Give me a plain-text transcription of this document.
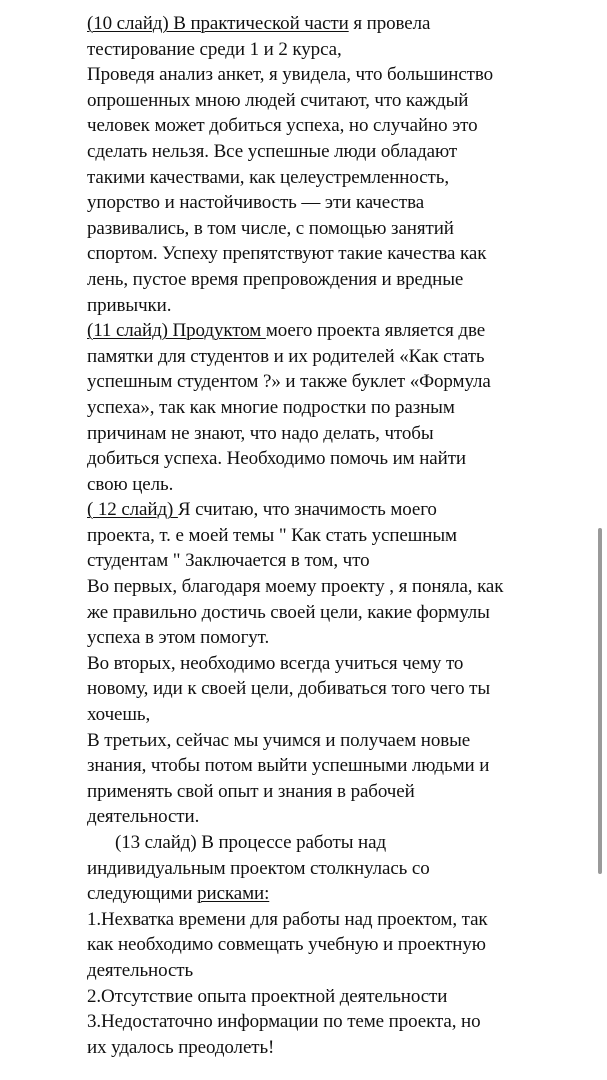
(10 слайд) В практической части я провела
тестирование среди 1 и 2 курса,
Проведя анализ анкет, я увидела, что большинство
опрошенных мною людей считают, что каждый
человек может добиться успеха, но случайно это
сделать нельзя. Все успешные люди обладают
такими качествами, как целеустремленность,
упорство и настойчивость — эти качества
развивались, в том числе, с помощью занятий
спортом. Успеху препятствуют такие качества как
лень, пустое время препровождения и вредные
привычки.
(11 слайд) Продуктом моего проекта является две
памятки для студентов и их родителей «Как стать
успешным студентом ?» и также буклет «Формула
успеха», так как многие подростки по разным
причинам не знают, что надо делать, чтобы
добиться успеха. Необходимо помочь им найти
свою цель.
( 12 слайд) Я считаю, что значимость моего
проекта, т. е моей темы " Как стать успешным
студентам " Заключается в том, что
Во первых, благодаря моему проекту , я поняла, как
же правильно достичь своей цели, какие формулы
успеха в этом помогут.
Во вторых, необходимо всегда учиться чему то
новому, иди к своей цели, добиваться того чего ты
хочешь,
В третьих, сейчас мы учимся и получаем новые
знания, чтобы потом выйти успешными людьми и
применять свой опыт и знания в рабочей
деятельности.
(13 слайд) В процессе работы над
индивидуальным проектом столкнулась со
следующими рисками:
1.Нехватка времени для работы над проектом, так
как необходимо совмещать учебную и проектную
деятельность
2.Отсутствие опыта проектной деятельности
3.Недостаточно информации по теме проекта, но
их удалось преодолеть!
